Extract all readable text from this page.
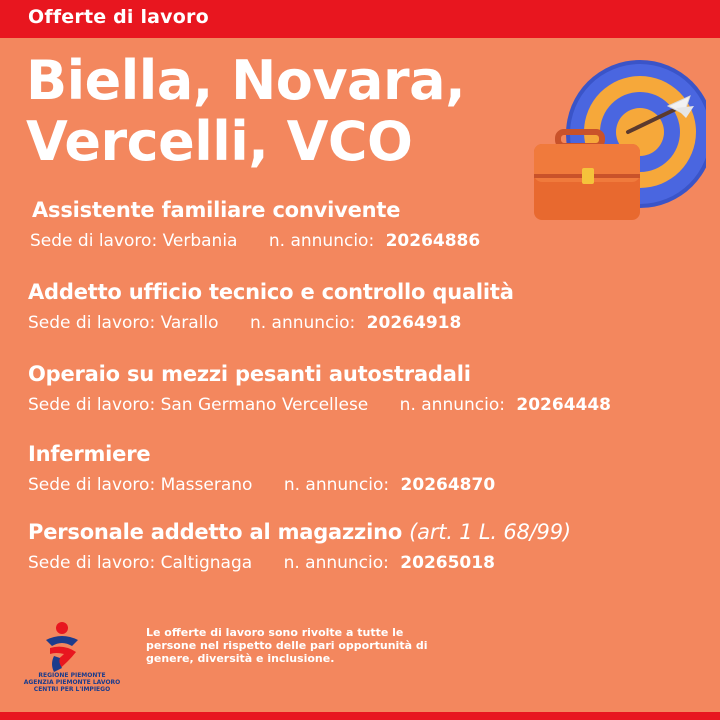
Offerte di lavoro
Biella, Novara,
Vercelli, VCO
Assistente familiare convivente
Sede di lavoro: Verbania n. annuncio: 20264886
Addetto ufficio tecnico e controllo qualità
Sede di lavoro: Varallo n. annuncio: 20264918
Operaio su mezzi pesanti autostradali
Sede di lavoro: San Germano Vercellese n. annuncio: 20264448
Infermiere
Sede di lavoro: Masserano n. annuncio: 20264870
Personale addetto al magazzino (art. 1 L. 68/99)
Sede di lavoro: Caltignaga n. annuncio: 20265018
REGIONE PIEMONTE
AGENZIA PIEMONTE LAVORO
CENTRI PER L'IMPIEGO
Le offerte di lavoro sono rivolte a tutte le persone nel rispetto delle pari opportunità di genere, diversità e inclusione.
